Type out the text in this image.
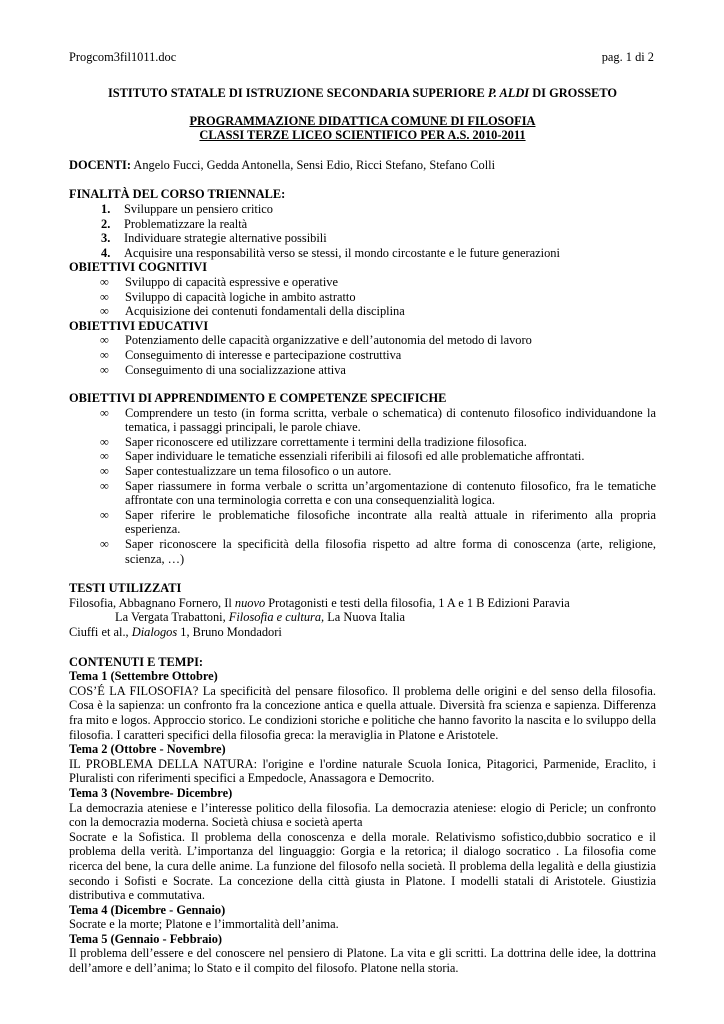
Progcom3fil1011.doc	pag. 1 di 2
ISTITUTO STATALE DI ISTRUZIONE SECONDARIA SUPERIORE P. ALDI DI GROSSETO
PROGRAMMAZIONE DIDATTICA COMUNE DI FILOSOFIA
CLASSI TERZE LICEO SCIENTIFICO PER A.S. 2010-2011
DOCENTI: Angelo Fucci, Gedda Antonella, Sensi Edio, Ricci Stefano, Stefano Colli
FINALITÀ DEL CORSO TRIENNALE:
1. Sviluppare un pensiero critico
2. Problematizzare la realtà
3. Individuare strategie alternative possibili
4. Acquisire una responsabilità verso se stessi, il mondo circostante e le future generazioni
OBIETTIVI COGNITIVI
∞ Sviluppo di capacità espressive e operative
∞ Sviluppo di capacità logiche in ambito astratto
∞ Acquisizione dei contenuti fondamentali della disciplina
OBIETTIVI EDUCATIVI
∞ Potenziamento delle capacità organizzative e dell’autonomia del metodo di lavoro
∞ Conseguimento di interesse e partecipazione costruttiva
∞ Conseguimento di una socializzazione attiva
OBIETTIVI DI APPRENDIMENTO E COMPETENZE SPECIFICHE
∞ Comprendere un testo (in forma scritta, verbale o schematica) di contenuto filosofico individuandone la tematica, i passaggi principali, le parole chiave.
∞ Saper riconoscere ed utilizzare correttamente i termini della tradizione filosofica.
∞ Saper individuare le tematiche essenziali riferibili ai filosofi ed alle problematiche affrontati.
∞ Saper contestualizzare un tema filosofico o un autore.
∞ Saper riassumere in forma verbale o scritta un’argomentazione di contenuto filosofico, fra le tematiche affrontate con una terminologia corretta e con una consequenzialità logica.
∞ Saper riferire le problematiche filosofiche incontrate alla realtà attuale in riferimento alla propria esperienza.
∞ Saper riconoscere la specificità della filosofia rispetto ad altre forma di conoscenza (arte, religione, scienza, …)
TESTI UTILIZZATI
Filosofia, Abbagnano Fornero, Il nuovo Protagonisti e testi della filosofia, 1 A e 1 B Edizioni Paravia
La Vergata Trabattoni, Filosofia e cultura, La Nuova Italia
Ciuffi et al., Dialogos 1, Bruno Mondadori
CONTENUTI E TEMPI:
Tema 1 (Settembre Ottobre)

COS’É LA FILOSOFIA? La specificità del pensare filosofico. Il problema delle origini e del senso della filosofia. Cosa è la sapienza: un confronto fra la concezione antica e quella attuale. Diversità fra scienza e sapienza. Differenza fra mito e logos. Approccio storico. Le condizioni storiche e politiche che hanno favorito la nascita e lo sviluppo della filosofia. I caratteri specifici della filosofia greca: la meraviglia in Platone e Aristotele.

Tema 2 (Ottobre - Novembre)

IL PROBLEMA DELLA NATURA: l'origine e l'ordine naturale Scuola Ionica, Pitagorici, Parmenide, Eraclito, i Pluralisti con riferimenti specifici a Empedocle, Anassagora e Democrito.

Tema 3 (Novembre- Dicembre)

La democrazia ateniese e l’interesse politico della filosofia. La democrazia ateniese: elogio di Pericle; un confronto con la democrazia moderna. Società chiusa e società aperta

Socrate e la Sofistica. Il problema della conoscenza e della morale. Relativismo sofistico,dubbio socratico e il problema della verità. L’importanza del linguaggio: Gorgia e la retorica; il dialogo socratico . La filosofia come ricerca del bene, la cura delle anime. La funzione del filosofo nella società. Il problema della legalità e della giustizia secondo i Sofisti e Socrate. La concezione della città giusta in Platone. I modelli statali di Aristotele. Giustizia distributiva e commutativa.

Tema 4 (Dicembre - Gennaio)

Socrate e la morte; Platone e l’immortalità dell’anima.

Tema 5 (Gennaio - Febbraio)

Il problema dell’essere e del conoscere nel pensiero di Platone. La vita e gli scritti. La dottrina delle idee, la dottrina dell’amore e dell’anima; lo Stato e il compito del filosofo. Platone nella storia.
